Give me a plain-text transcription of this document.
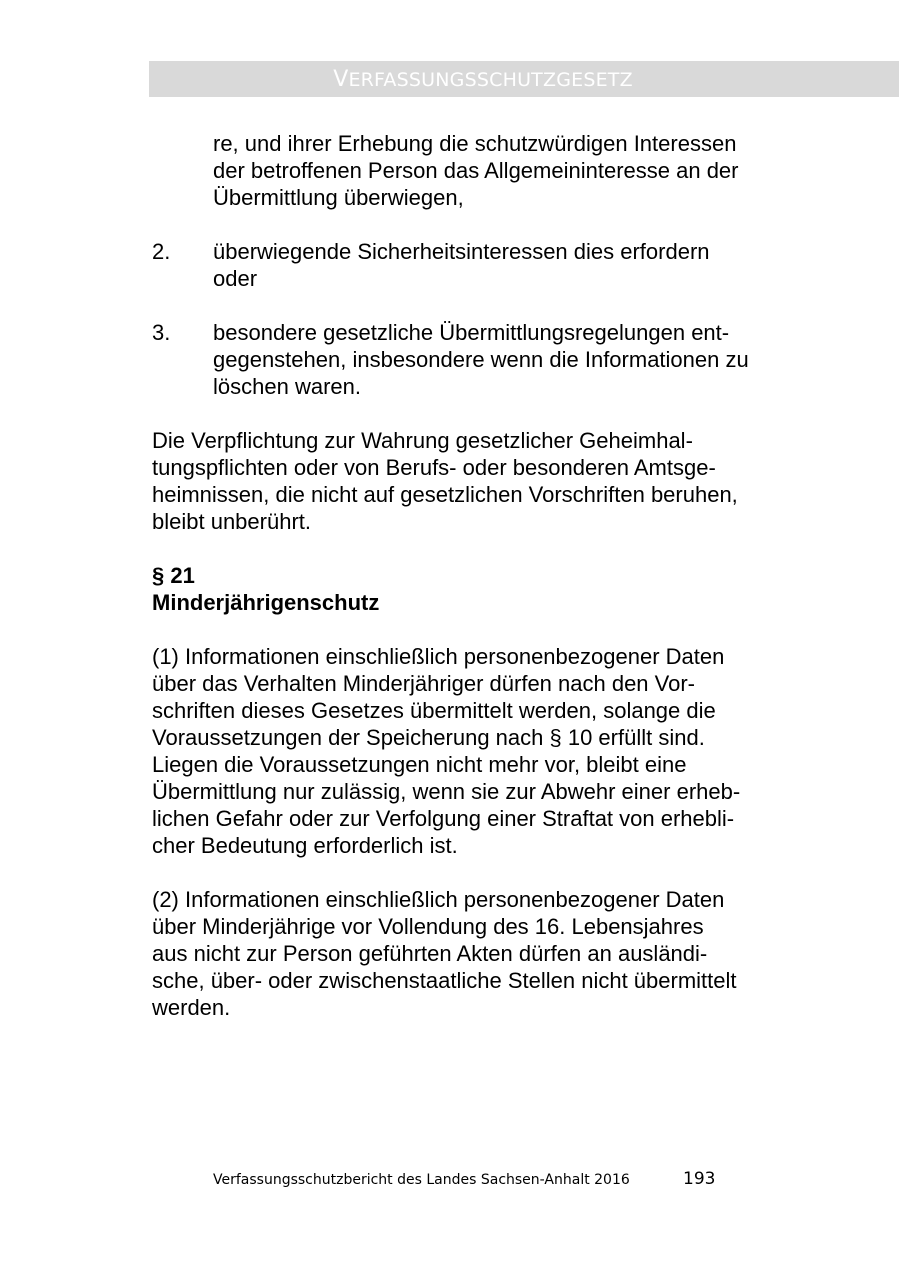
VERFASSUNGSSCHUTZGESETZ
re, und ihrer Erhebung die schutzwürdigen Interessen
der betroffenen Person das Allgemeininteresse an der
Übermittlung überwiegen,
2. überwiegende Sicherheitsinteressen dies erfordern
oder
3. besondere gesetzliche Übermittlungsregelungen ent-
gegenstehen, insbesondere wenn die Informationen zu
löschen waren.
Die Verpflichtung zur Wahrung gesetzlicher Geheimhal-
tungspflichten oder von Berufs- oder besonderen Amtsge-
heimnissen, die nicht auf gesetzlichen Vorschriften beruhen,
bleibt unberührt.
§ 21
Minderjährigenschutz
(1) Informationen einschließlich personenbezogener Daten
über das Verhalten Minderjähriger dürfen nach den Vor-
schriften dieses Gesetzes übermittelt werden, solange die
Voraussetzungen der Speicherung nach § 10 erfüllt sind.
Liegen die Voraussetzungen nicht mehr vor, bleibt eine
Übermittlung nur zulässig, wenn sie zur Abwehr einer erheb-
lichen Gefahr oder zur Verfolgung einer Straftat von erhebli-
cher Bedeutung erforderlich ist.
(2) Informationen einschließlich personenbezogener Daten
über Minderjährige vor Vollendung des 16. Lebensjahres
aus nicht zur Person geführten Akten dürfen an ausländi-
sche, über- oder zwischenstaatliche Stellen nicht übermittelt
werden.
Verfassungsschutzbericht des Landes Sachsen-Anhalt 2016	193
